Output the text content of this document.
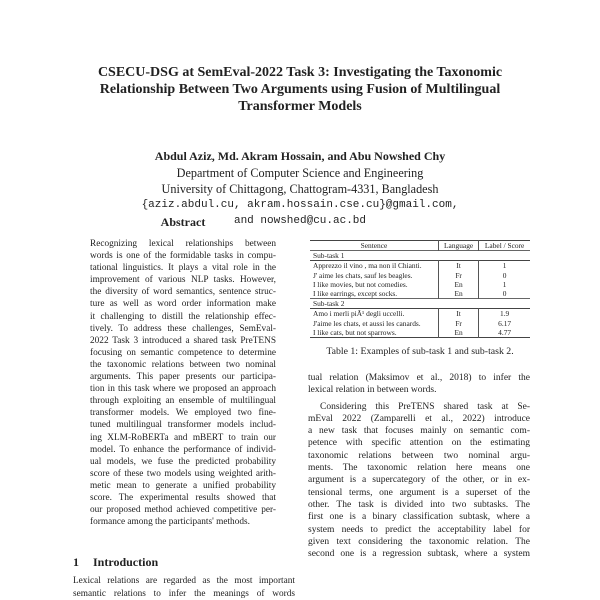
CSECU-DSG at SemEval-2022 Task 3: Investigating the Taxonomic
Relationship Between Two Arguments using Fusion of Multilingual
Transformer Models
Abdul Aziz, Md. Akram Hossain, and Abu Nowshed Chy
Department of Computer Science and Engineering
University of Chittagong, Chattogram-4331, Bangladesh
{aziz.abdul.cu, akram.hossain.cse.cu}@gmail.com,
and nowshed@cu.ac.bd
Abstract
Recognizing lexical relationships between
words is one of the formidable tasks in compu-
tational linguistics. It plays a vital role in the
improvement of various NLP tasks. However,
the diversity of word semantics, sentence struc-
ture as well as word order information make
it challenging to distill the relationship effec-
tively. To address these challenges, SemEval-
2022 Task 3 introduced a shared task PreTENS
focusing on semantic competence to determine
the taxonomic relations between two nominal
arguments. This paper presents our participa-
tion in this task where we proposed an approach
through exploiting an ensemble of multilingual
transformer models. We employed two fine-
tuned multilingual transformer models includ-
ing XLM-RoBERTa and mBERT to train our
model. To enhance the performance of individ-
ual models, we fuse the predicted probability
score of these two models using weighted arith-
metic mean to generate a unified probability
score. The experimental results showed that
our proposed method achieved competitive per-
formance among the participants' methods.
1 Introduction
Lexical relations are regarded as the most important
semantic relations to infer the meanings of words
Sentence	Language	Label / Score
Sub-task 1		
Apprezzo il vino , ma non il Chianti.	It	1
J' aime les chats, sauf les beagles.	Fr	0
I like movies, but not comedies.	En	1
I like earrings, except socks.	En	0
Sub-task 2		
Amo i merli piÃ¹ degli uccelli.	It	1.9
J'aime les chats, et aussi les canards.	Fr	6.17
I like cats, but not sparrows.	En	4.77

Table 1: Examples of sub-task 1 and sub-task 2.
tual relation (Maksimov et al., 2018) to infer the
lexical relation in between words.
Considering this PreTENS shared task at Se-
mEval 2022 (Zamparelli et al., 2022) introduce
a new task that focuses mainly on semantic com-
petence with specific attention on the estimating
taxonomic relations between two nominal argu-
ments. The taxonomic relation here means one
argument is a supercategory of the other, or in ex-
tensional terms, one argument is a superset of the
other. The task is divided into two subtasks. The
first one is a binary classification subtask, where a
system needs to predict the acceptability label for
given text considering the taxonomic relation. The
second one is a regression subtask, where a system
